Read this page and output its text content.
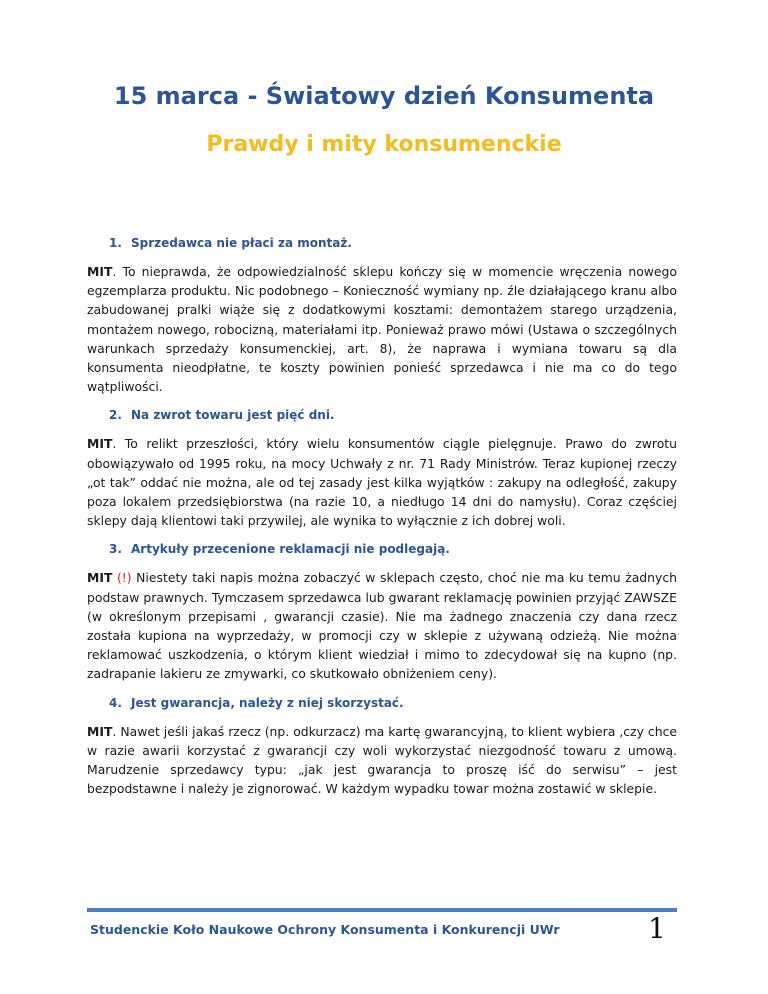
15 marca - Światowy dzień Konsumenta
Prawdy i mity konsumenckie
1. Sprzedawca nie płaci za montaż.

MIT. To nieprawda, że odpowiedzialność sklepu kończy się w momencie wręczenia nowego egzemplarza produktu. Nic podobnego – Konieczność wymiany np. źle działającego kranu albo zabudowanej pralki wiąże się z dodatkowymi kosztami: demontażem starego urządzenia, montażem nowego, robocizną, materiałami itp. Ponieważ prawo mówi (Ustawa o szczególnych warunkach sprzedaży konsumenckiej, art. 8), że naprawa i wymiana towaru są dla konsumenta nieodpłatne, te koszty powinien ponieść sprzedawca i nie ma co do tego wątpliwości.

2. Na zwrot towaru jest pięć dni.

MIT. To relikt przeszłości, który wielu konsumentów ciągle pielęgnuje. Prawo do zwrotu obowiązywało od 1995 roku, na mocy Uchwały z nr. 71 Rady Ministrów. Teraz kupionej rzeczy „ot tak” oddać nie można, ale od tej zasady jest kilka wyjątków : zakupy na odległość, zakupy poza lokalem przedsiębiorstwa (na razie 10, a niedługo 14 dni do namysłu). Coraz częściej sklepy dają klientowi taki przywilej, ale wynika to wyłącznie z ich dobrej woli.

3. Artykuły przecenione reklamacji nie podlegają.

MIT (!) Niestety taki napis można zobaczyć w sklepach często, choć nie ma ku temu żadnych podstaw prawnych. Tymczasem sprzedawca lub gwarant reklamację powinien przyjąć ZAWSZE (w określonym przepisami , gwarancji czasie). Nie ma żadnego znaczenia czy dana rzecz została kupiona na wyprzedaży, w promocji czy w sklepie z używaną odzieżą. Nie można reklamować uszkodzenia, o którym klient wiedział i mimo to zdecydował się na kupno (np. zadrapanie lakieru ze zmywarki, co skutkowało obniżeniem ceny).

4. Jest gwarancja, należy z niej skorzystać.

MIT. Nawet jeśli jakaś rzecz (np. odkurzacz) ma kartę gwarancyjną, to klient wybiera ,czy chce w razie awarii korzystać z gwarancji czy woli wykorzystać niezgodność towaru z umową. Marudzenie sprzedawcy typu: „jak jest gwarancja to proszę iść do serwisu” – jest bezpodstawne i należy je zignorować. W każdym wypadku towar można zostawić w sklepie.

Studenckie Koło Naukowe Ochrony Konsumenta i Konkurencji UWr	1
